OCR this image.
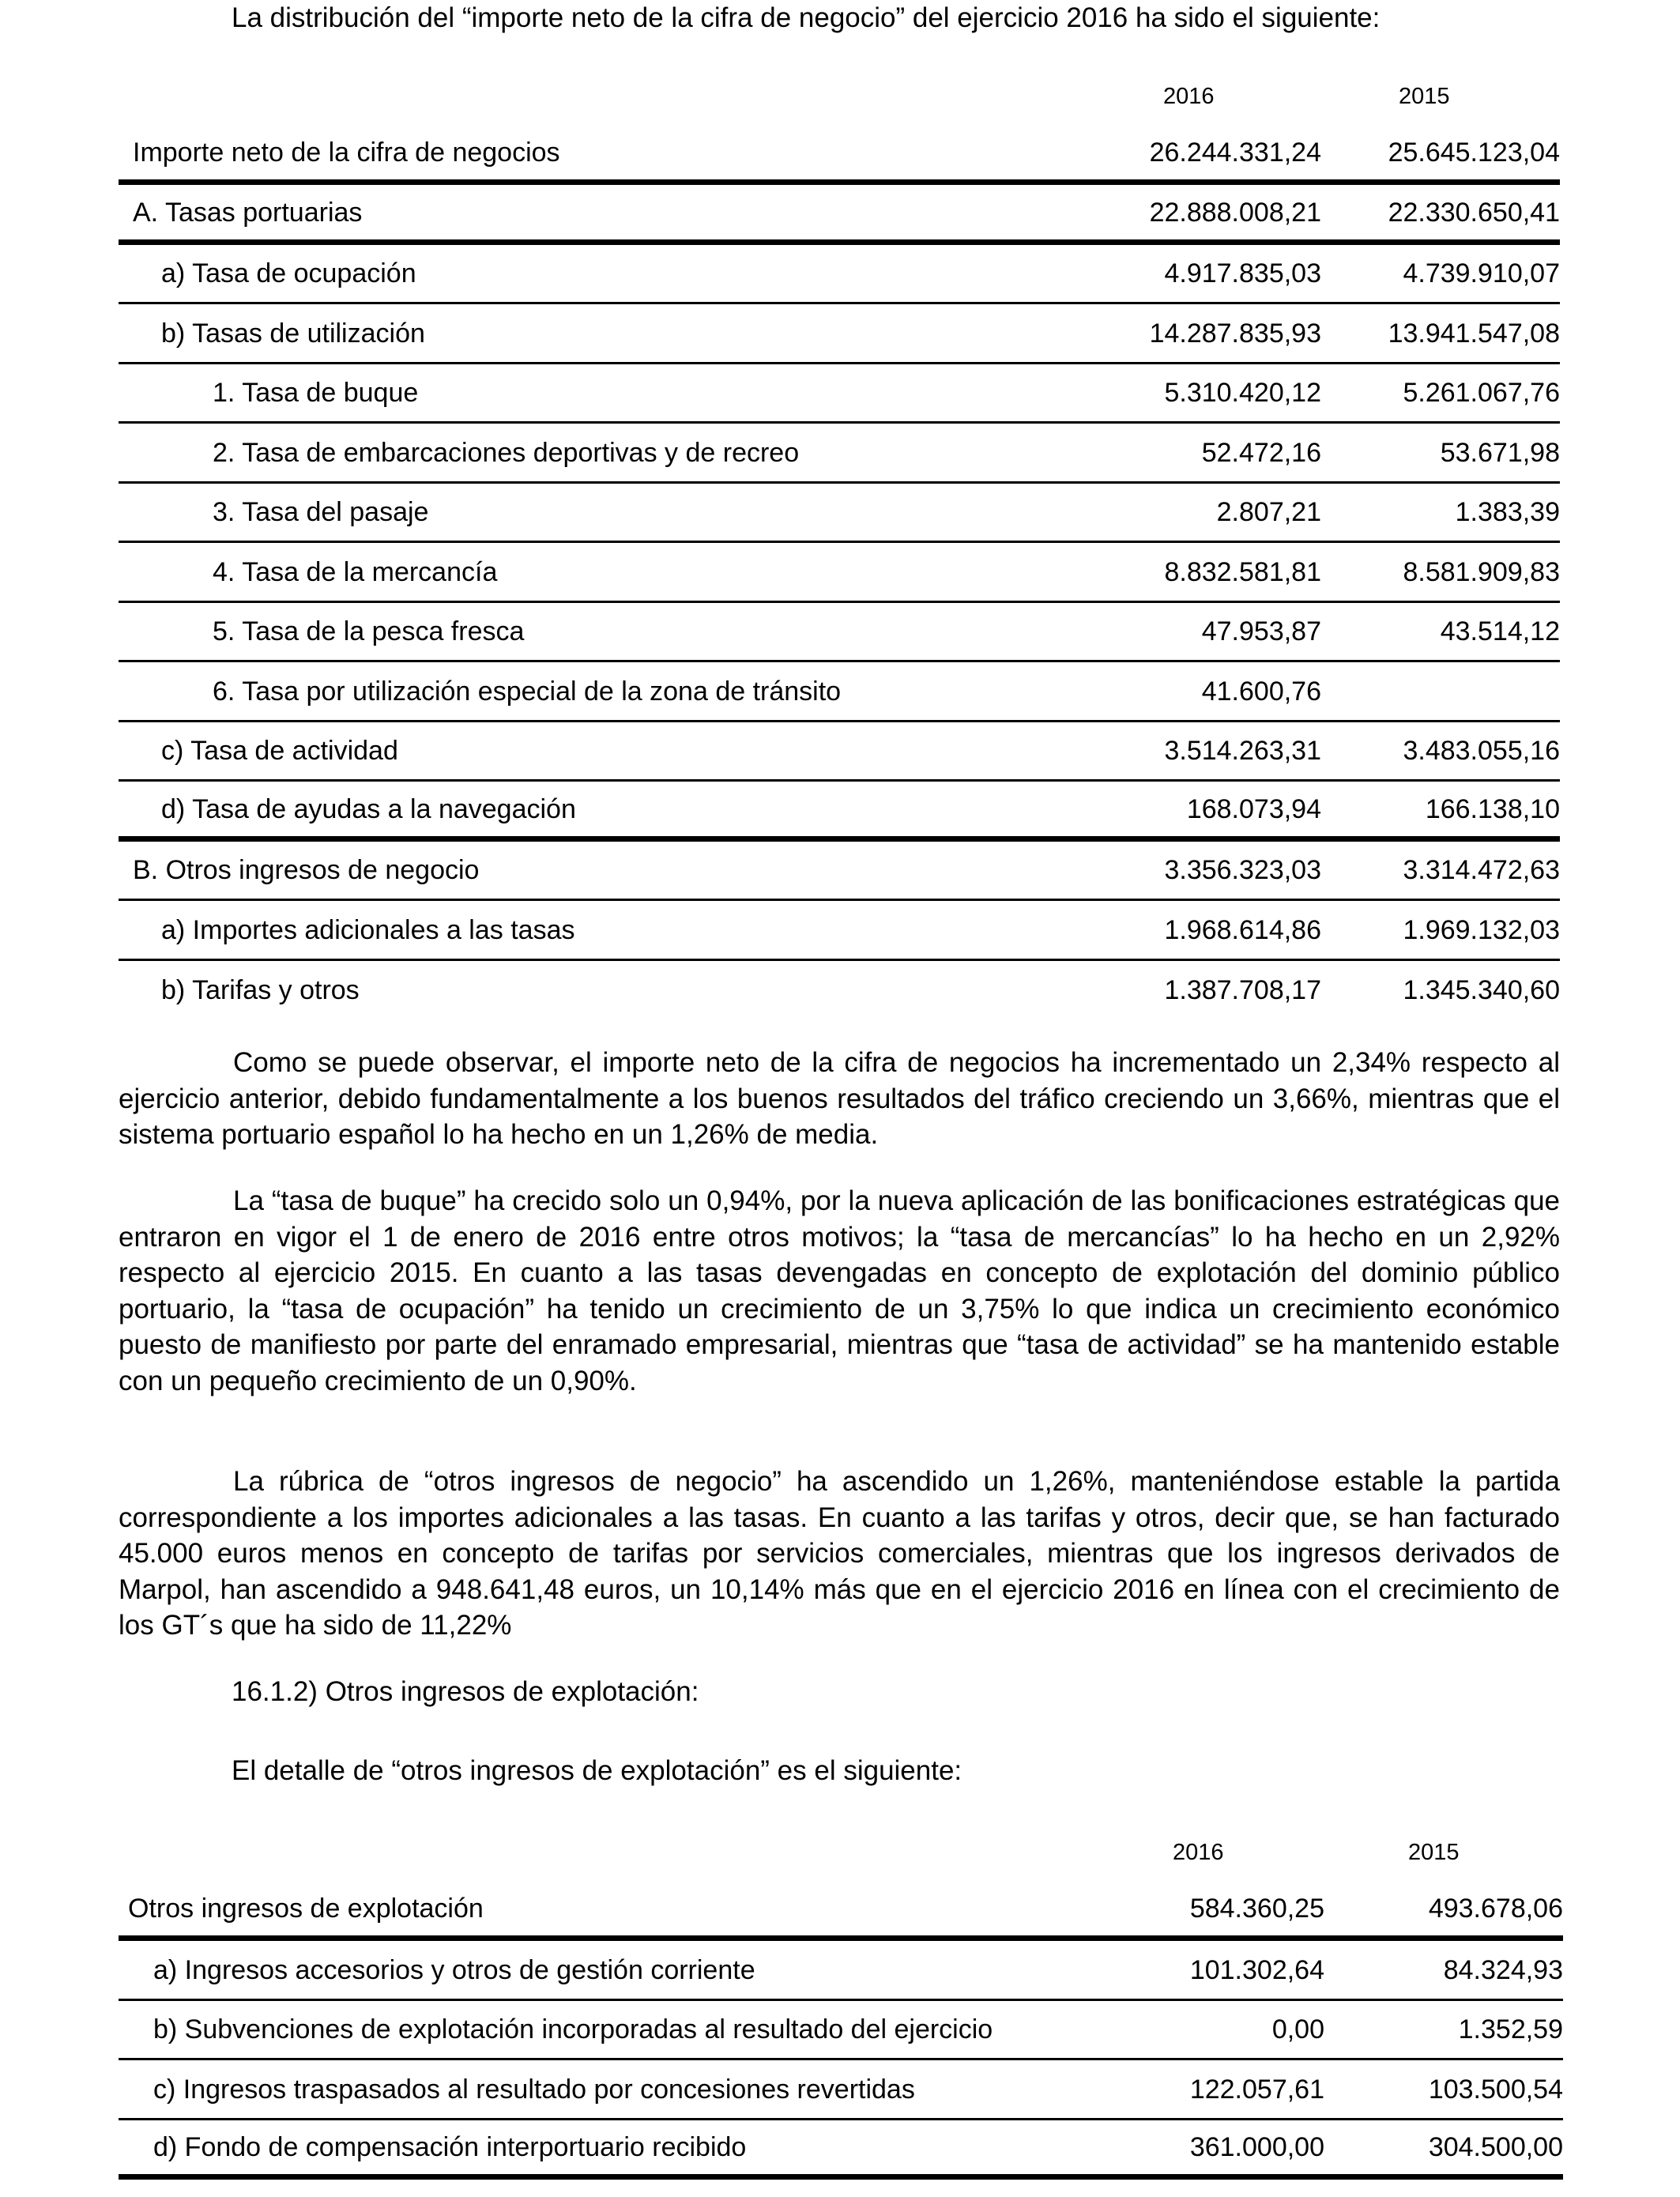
La distribución del “importe neto de la cifra de negocio” del ejercicio 2016 ha sido el siguiente:

2016	2015
Importe neto de la cifra de negocios	26.244.331,24	25.645.123,04
A. Tasas portuarias	22.888.008,21	22.330.650,41
a) Tasa de ocupación	4.917.835,03	4.739.910,07
b) Tasas de utilización	14.287.835,93	13.941.547,08
1. Tasa de buque	5.310.420,12	5.261.067,76
2. Tasa de embarcaciones deportivas y de recreo	52.472,16	53.671,98
3. Tasa del pasaje	2.807,21	1.383,39
4. Tasa de la mercancía	8.832.581,81	8.581.909,83
5. Tasa de la pesca fresca	47.953,87	43.514,12
6. Tasa por utilización especial de la zona de tránsito	41.600,76
c) Tasa de actividad	3.514.263,31	3.483.055,16
d) Tasa de ayudas a la navegación	168.073,94	166.138,10
B. Otros ingresos de negocio	3.356.323,03	3.314.472,63
a) Importes adicionales a las tasas	1.968.614,86	1.969.132,03
b) Tarifas y otros	1.387.708,17	1.345.340,60

Como se puede observar, el importe neto de la cifra de negocios ha incrementado un 2,34% respecto al ejercicio anterior, debido fundamentalmente a los buenos resultados del tráfico creciendo un 3,66%, mientras que el sistema portuario español lo ha hecho en un 1,26% de media.

La “tasa de buque” ha crecido solo un 0,94%, por la nueva aplicación de las bonificaciones estratégicas que entraron en vigor el 1 de enero de 2016 entre otros motivos; la “tasa de mercancías” lo ha hecho en un 2,92% respecto al ejercicio 2015. En cuanto a las tasas devengadas en concepto de explotación del dominio público portuario, la “tasa de ocupación” ha tenido un crecimiento de un 3,75% lo que indica un crecimiento económico puesto de manifiesto por parte del enramado empresarial, mientras que “tasa de actividad” se ha mantenido estable con un pequeño crecimiento de un 0,90%.

La rúbrica de “otros ingresos de negocio” ha ascendido un 1,26%, manteniéndose estable la partida correspondiente a los importes adicionales a las tasas. En cuanto a las tarifas y otros, decir que, se han facturado 45.000 euros menos en concepto de tarifas por servicios comerciales, mientras que los ingresos derivados de Marpol, han ascendido a 948.641,48 euros, un 10,14% más que en el ejercicio 2016 en línea con el crecimiento de los GT´s que ha sido de 11,22%

16.1.2) Otros ingresos de explotación:

El detalle de “otros ingresos de explotación” es el siguiente:

2016	2015
Otros ingresos de explotación	584.360,25	493.678,06
a) Ingresos accesorios y otros de gestión corriente	101.302,64	84.324,93
b) Subvenciones de explotación incorporadas al resultado del ejercicio	0,00	1.352,59
c) Ingresos traspasados al resultado por concesiones revertidas	122.057,61	103.500,54
d) Fondo de compensación interportuario recibido	361.000,00	304.500,00
